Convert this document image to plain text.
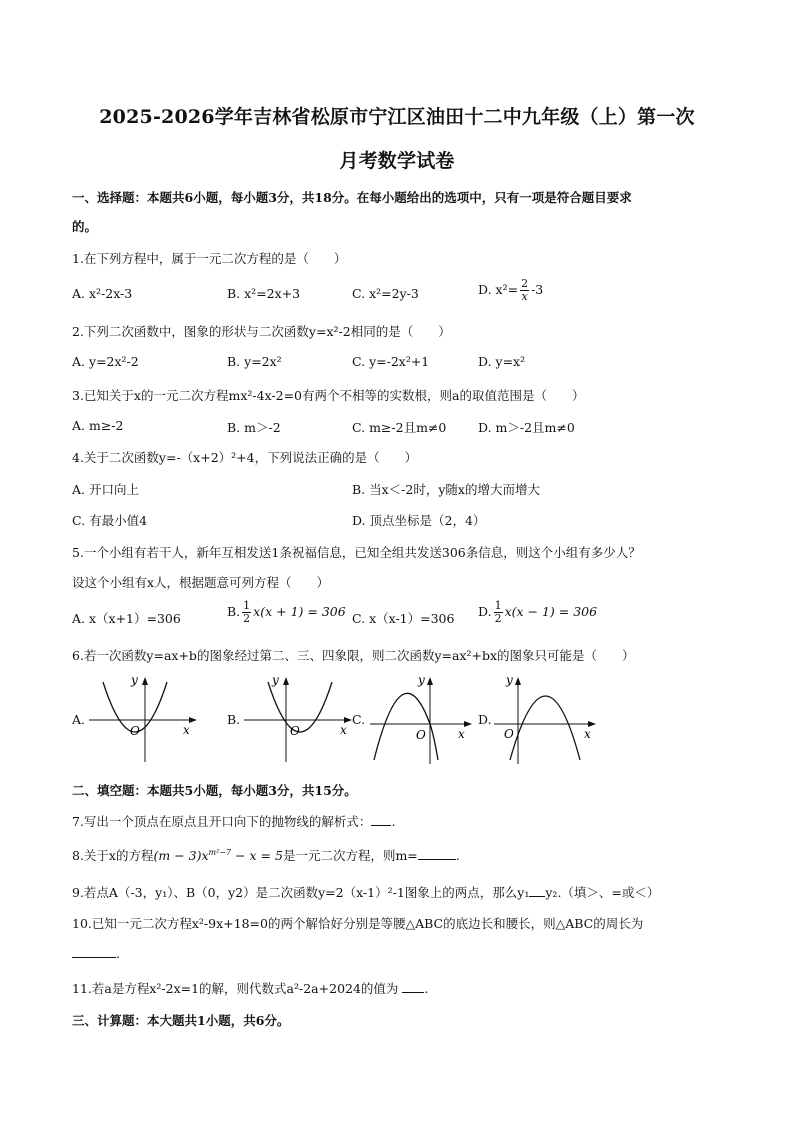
2025-2026学年吉林省松原市宁江区油田十二中九年级（上）第一次
月考数学试卷
一、选择题：本题共6小题，每小题3分，共18分。在每小题给出的选项中，只有一项是符合题目要求
的。
1.在下列方程中，属于一元二次方程的是（　　）
A. x²-2x-3	B. x²=2x+3	C. x²=2y-3	D. $x^2= \frac{2}{x} -3$
2.下列二次函数中，图象的形状与二次函数y=x²-2相同的是（　　）
A. y=2x²-2	B. y=2x²	C. y=-2x²+1	D. y=x²
3.已知关于x的一元二次方程mx²-4x-2=0有两个不相等的实数根，则a的取值范围是（　　）
A. m≥-2	B. m＞-2	C. m≥-2且m≠0	D. m＞-2且m≠0
4.关于二次函数y=-（x+2）²+4，下列说法正确的是（　　）
A. 开口向上	B. 当x＜-2时，y随x的增大而增大
C. 有最小值4	D. 顶点坐标是（2，4）
5.一个小组有若干人，新年互相发送1条祝福信息，已知全组共发送306条信息，则这个小组有多少人？
设这个小组有x人，根据题意可列方程（　　）
A. x（x+1）=306	B. $\frac{1}{2} x(x + 1) = 306$ C. x（x-1）=306 D. $\frac{1}{2} x(x - 1) = 306$
6.若一次函数y=ax+b的图象经过第二、三、四象限，则二次函数y=ax²+bx的图象只可能是（　　）
A.
x
y
O
B.
x
y
O
C.
x
y
O
D.
x
y
O
二、填空题：本题共5小题，每小题3分，共15分。
7.写出一个顶点在原点且开口向下的抛物线的解析式： .
8.关于x的方程$(m - 3)x^{m^2-7} - x = 5$是一元二次方程，则m=	.
9.若点A（-3，y₁）、B（0，y2）是二次函数y=2（x-1）²-1图象上的两点，那么y₁ y₂.（填＞、=或＜）
10.已知一元二次方程x²-9x+18=0的两个解恰好分别是等腰△ABC的底边长和腰长，则△ABC的周长为
.
11.若a是方程x²-2x=1的解，则代数式a²-2a+2024的值为 .
三、计算题：本大题共1小题，共6分。
